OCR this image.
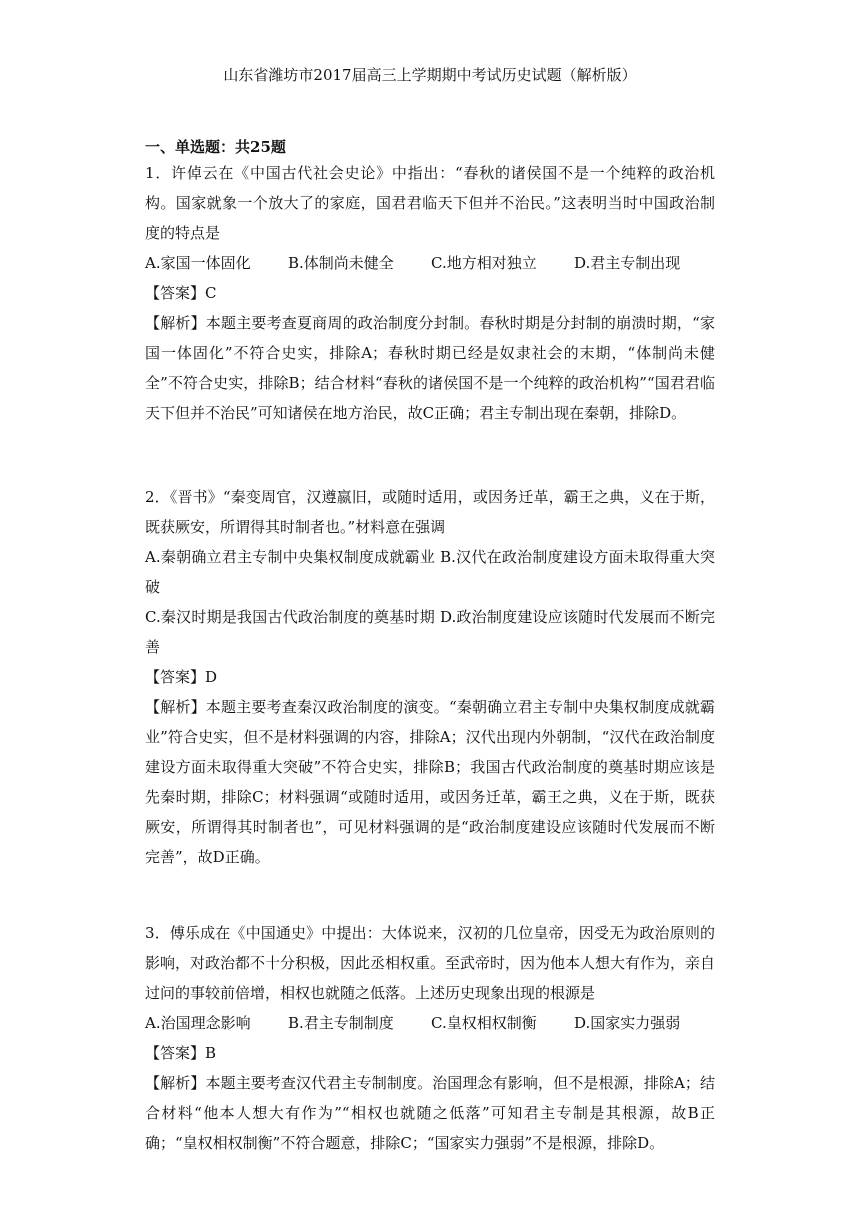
山东省潍坊市2017届高三上学期期中考试历史试题（解析版）
一、单选题：共25题

1．许倬云在《中国古代社会史论》中指出：“春秋的诸侯国不是一个纯粹的政治机构。国家就象一个放大了的家庭，国君君临天下但并不治民。”这表明当时中国政治制度的特点是

A.家国一体固化 B.体制尚未健全 C.地方相对独立 D.君主专制出现

【答案】C

【解析】本题主要考查夏商周的政治制度分封制。春秋时期是分封制的崩溃时期，“家国一体固化”不符合史实，排除A；春秋时期已经是奴隶社会的末期，“体制尚未健全”不符合史实，排除B；结合材料“春秋的诸侯国不是一个纯粹的政治机构”“国君君临天下但并不治民”可知诸侯在地方治民，故C正确；君主专制出现在秦朝，排除D。

2．《晋书》“秦变周官，汉遵嬴旧，或随时适用，或因务迁革，霸王之典，义在于斯，既获厥安，所谓得其时制者也。”材料意在强调

A.秦朝确立君主专制中央集权制度成就霸业 B.汉代在政治制度建设方面未取得重大突破

C.秦汉时期是我国古代政治制度的奠基时期 D.政治制度建设应该随时代发展而不断完善

【答案】D

【解析】本题主要考查秦汉政治制度的演变。“秦朝确立君主专制中央集权制度成就霸业”符合史实，但不是材料强调的内容，排除A；汉代出现内外朝制，“汉代在政治制度建设方面未取得重大突破”不符合史实，排除B；我国古代政治制度的奠基时期应该是先秦时期，排除C；材料强调“或随时适用，或因务迁革，霸王之典，义在于斯，既获厥安，所谓得其时制者也”，可见材料强调的是“政治制度建设应该随时代发展而不断完善”，故D正确。

3．傅乐成在《中国通史》中提出：大体说来，汉初的几位皇帝，因受无为政治原则的影响，对政治都不十分积极，因此丞相权重。至武帝时，因为他本人想大有作为，亲自过问的事较前倍增，相权也就随之低落。上述历史现象出现的根源是

A.治国理念影响 B.君主专制制度 C.皇权相权制衡 D.国家实力强弱

【答案】B

【解析】本题主要考查汉代君主专制制度。治国理念有影响，但不是根源，排除A；结合材料“他本人想大有作为”“相权也就随之低落”可知君主专制是其根源，故B正确；“皇权相权制衡”不符合题意，排除C；“国家实力强弱”不是根源，排除D。
